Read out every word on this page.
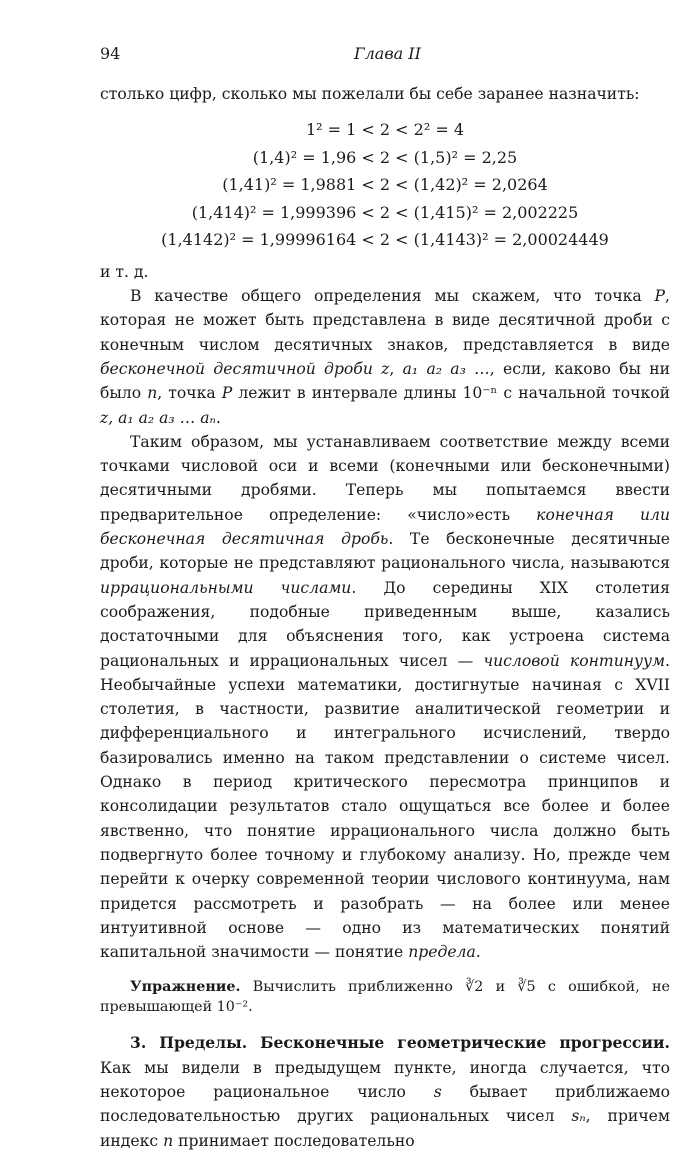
94	Глава II

столько цифр, сколько мы пожелали бы себе заранее назначить:

1² = 1 < 2 < 2² = 4
(1,4)² = 1,96 < 2 < (1,5)² = 2,25
(1,41)² = 1,9881 < 2 < (1,42)² = 2,0264
(1,414)² = 1,999396 < 2 < (1,415)² = 2,002225
(1,4142)² = 1,99996164 < 2 < (1,4143)² = 2,00024449

и т. д.

В качестве общего определения мы скажем, что точка P, которая не может быть представлена в виде десятичной дроби с конечным числом десятичных знаков, представляется в виде бесконечной десятичной дроби z, a₁ a₂ a₃ …, если, каково бы ни было n, точка P лежит в интервале длины 10⁻ⁿ с начальной точкой z, a₁ a₂ a₃ … aₙ.

Таким образом, мы устанавливаем соответствие между всеми точками числовой оси и всеми (конечными или бесконечными) десятичными дробями. Теперь мы попытаемся ввести предварительное определение: «число»есть конечная или бесконечная десятичная дробь. Те бесконечные десятичные дроби, которые не представляют рационального числа, называются иррациональными числами. До середины XIX столетия соображения, подобные приведенным выше, казались достаточными для объяснения того, как устроена система рациональных и иррациональных чисел — числовой континуум. Необычайные успехи математики, достигнутые начиная с XVII столетия, в частности, развитие аналитической геометрии и дифференциального и интегрального исчислений, твердо базировались именно на таком представлении о системе чисел. Однако в период критического пересмотра принципов и консолидации результатов стало ощущаться все более и более явственно, что понятие иррационального числа должно быть подвергнуто более точному и глубокому анализу. Но, прежде чем перейти к очерку современной теории числового континуума, нам придется рассмотреть и разобрать — на более или менее интуитивной основе — одно из математических понятий капитальной значимости — понятие предела.

Упражнение. Вычислить приближенно ∛2 и ∛5 с ошибкой, не превышающей 10⁻².

3. Пределы. Бесконечные геометрические прогрессии. Как мы видели в предыдущем пункте, иногда случается, что некоторое рациональное число s бывает приближаемо последовательностью других рациональных чисел sₙ, причем индекс n принимает последовательно
